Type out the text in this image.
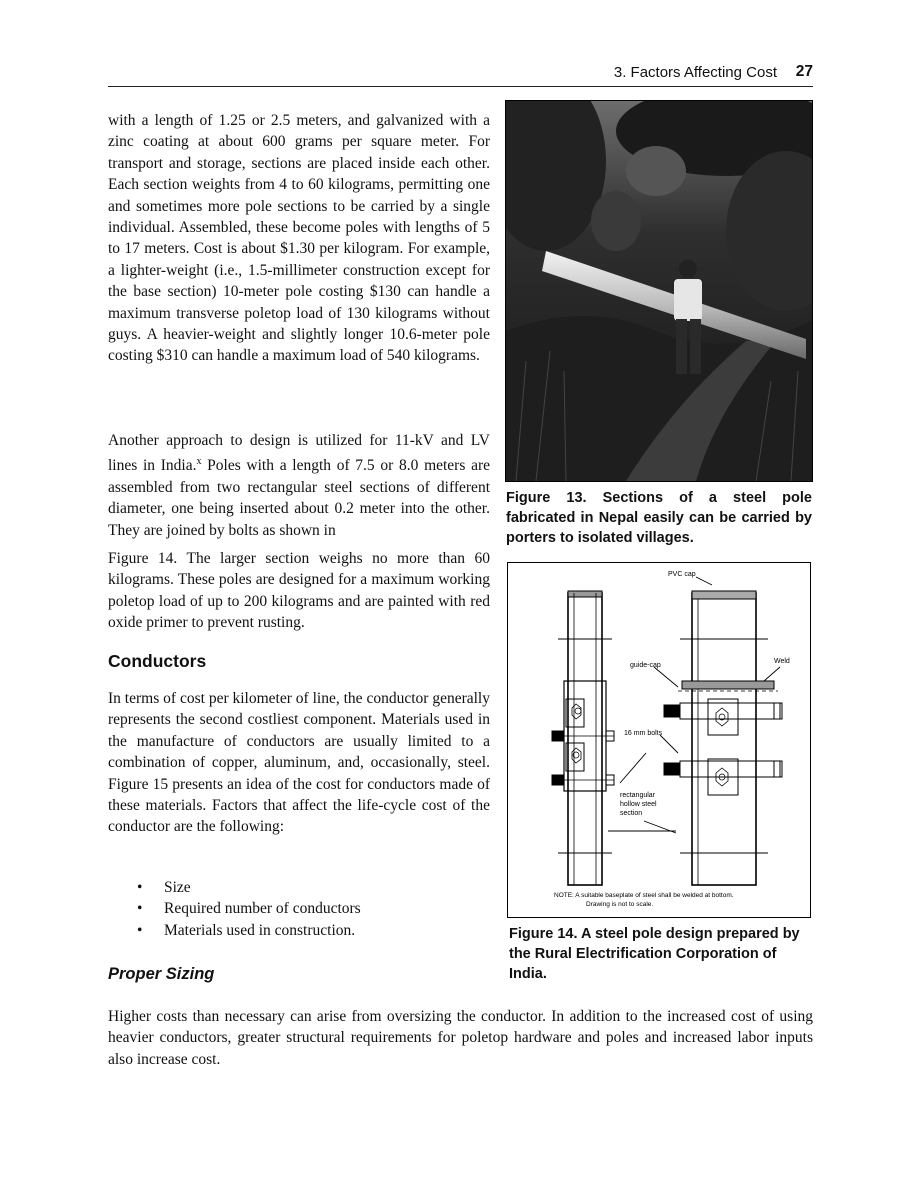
3. Factors Affecting Cost 27

with a length of 1.25 or 2.5 meters, and galvanized with a zinc coating at about 600 grams per square meter. For transport and storage, sections are placed inside each other. Each section weights from 4 to 60 kilograms, permitting one and sometimes more pole sections to be carried by a single individual. Assembled, these become poles with lengths of 5 to 17 meters. Cost is about $1.30 per kilogram. For example, a lighter-weight (i.e., 1.5-millimeter construction except for the base section) 10-meter pole costing $130 can handle a maximum transverse poletop load of 130 kilograms without guys. A heavier-weight and slightly longer 10.6-meter pole costing $310 can handle a maximum load of 540 kilograms.

Another approach to design is utilized for 11-kV and LV lines in India.$^x$ Poles with a length of 7.5 or 8.0 meters are assembled from two rectangular steel sections of different diameter, one being inserted about 0.2 meter into the other. They are joined by bolts as shown in

Figure 14. The larger section weighs no more than 60 kilograms. These poles are designed for a maximum working poletop load of up to 200 kilograms and are painted with red oxide primer to prevent rusting.

Conductors

In terms of cost per kilometer of line, the conductor generally represents the second costliest component. Materials used in the manufacture of conductors are usually limited to a combination of copper, aluminum, and, occasionally, steel. Figure 15 presents an idea of the cost for conductors made of these materials. Factors that affect the life-cycle cost of the conductor are the following:

• Size
• Required number of conductors
• Materials used in construction.
Proper Sizing

Higher costs than necessary can arise from oversizing the conductor. In addition to the increased cost of using heavier conductors, greater structural requirements for poletop hardware and poles and increased labor inputs also increase cost.

Figure 13. Sections of a steel pole fabricated in Nepal easily can be carried by porters to isolated villages.

PVC cap
guide-cap
Weld
16 mm bolts
rectangular
hollow steel
section
NOTE: A suitable baseplate of steel shall be welded at bottom.
Drawing is not to scale.

Figure 14. A steel pole design prepared by the Rural Electrification Corporation of India.
